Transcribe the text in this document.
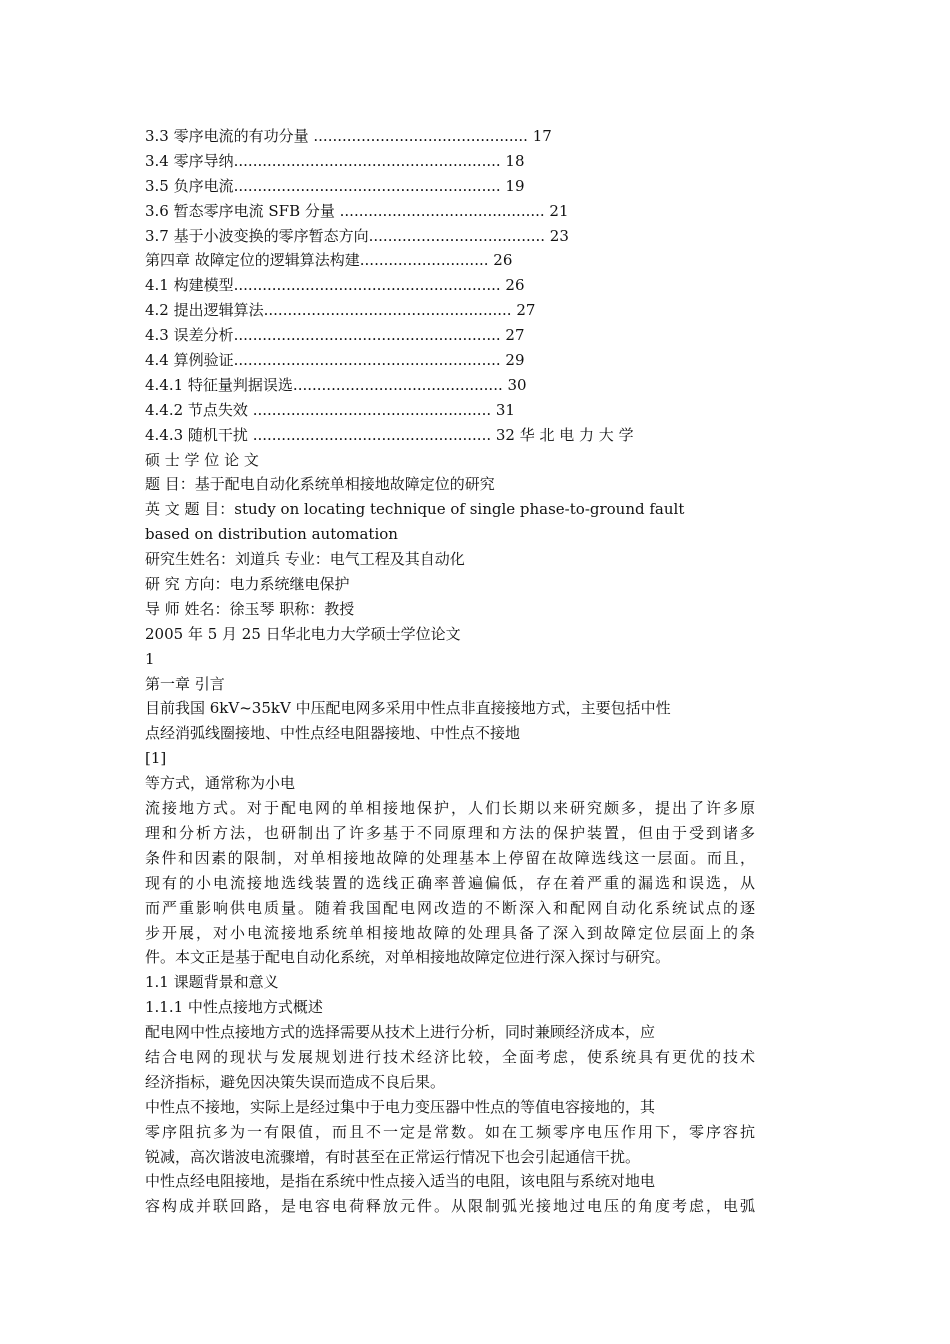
3.3 零序电流的有功分量 ............................................. 17
3.4 零序导纳........................................................ 18
3.5 负序电流........................................................ 19
3.6 暂态零序电流 SFB 分量 ........................................... 21
3.7 基于小波变换的零序暂态方向..................................... 23
第四章 故障定位的逻辑算法构建........................... 26
4.1 构建模型........................................................ 26
4.2 提出逻辑算法.................................................... 27
4.3 误差分析........................................................ 27
4.4 算例验证........................................................ 29
4.4.1 特征量判据误选............................................ 30
4.4.2 节点失效 .................................................. 31
4.4.3 随机干扰 .................................................. 32 华 北 电 力 大 学
硕 士 学 位 论 文
题 目：基于配电自动化系统单相接地故障定位的研究
英 文 题 目：study on locating technique of single phase-to-ground fault
based on distribution automation
研究生姓名：刘道兵 专业：电气工程及其自动化
研 究 方向：电力系统继电保护
导 师 姓名：徐玉琴 职称：教授
2005 年 5 月 25 日华北电力大学硕士学位论文
1
第一章 引言
目前我国 6kV~35kV 中压配电网多采用中性点非直接接地方式，主要包括中性
点经消弧线圈接地、中性点经电阻器接地、中性点不接地
[1]
等方式，通常称为小电
流接地方式。对于配电网的单相接地保护，人们长期以来研究颇多，提出了许多原
理和分析方法，也研制出了许多基于不同原理和方法的保护装置，但由于受到诸多
条件和因素的限制，对单相接地故障的处理基本上停留在故障选线这一层面。而且，
现有的小电流接地选线装置的选线正确率普遍偏低，存在着严重的漏选和误选，从
而严重影响供电质量。随着我国配电网改造的不断深入和配网自动化系统试点的逐
步开展，对小电流接地系统单相接地故障的处理具备了深入到故障定位层面上的条
件。本文正是基于配电自动化系统，对单相接地故障定位进行深入探讨与研究。
1.1 课题背景和意义
1.1.1 中性点接地方式概述
配电网中性点接地方式的选择需要从技术上进行分析，同时兼顾经济成本，应
结合电网的现状与发展规划进行技术经济比较，全面考虑，使系统具有更优的技术
经济指标，避免因决策失误而造成不良后果。
中性点不接地，实际上是经过集中于电力变压器中性点的等值电容接地的，其
零序阻抗多为一有限值，而且不一定是常数。如在工频零序电压作用下，零序容抗
锐减，高次谐波电流骤增，有时甚至在正常运行情况下也会引起通信干扰。
中性点经电阻接地，是指在系统中性点接入适当的电阻，该电阻与系统对地电
容构成并联回路，是电容电荷释放元件。从限制弧光接地过电压的角度考虑，电弧
